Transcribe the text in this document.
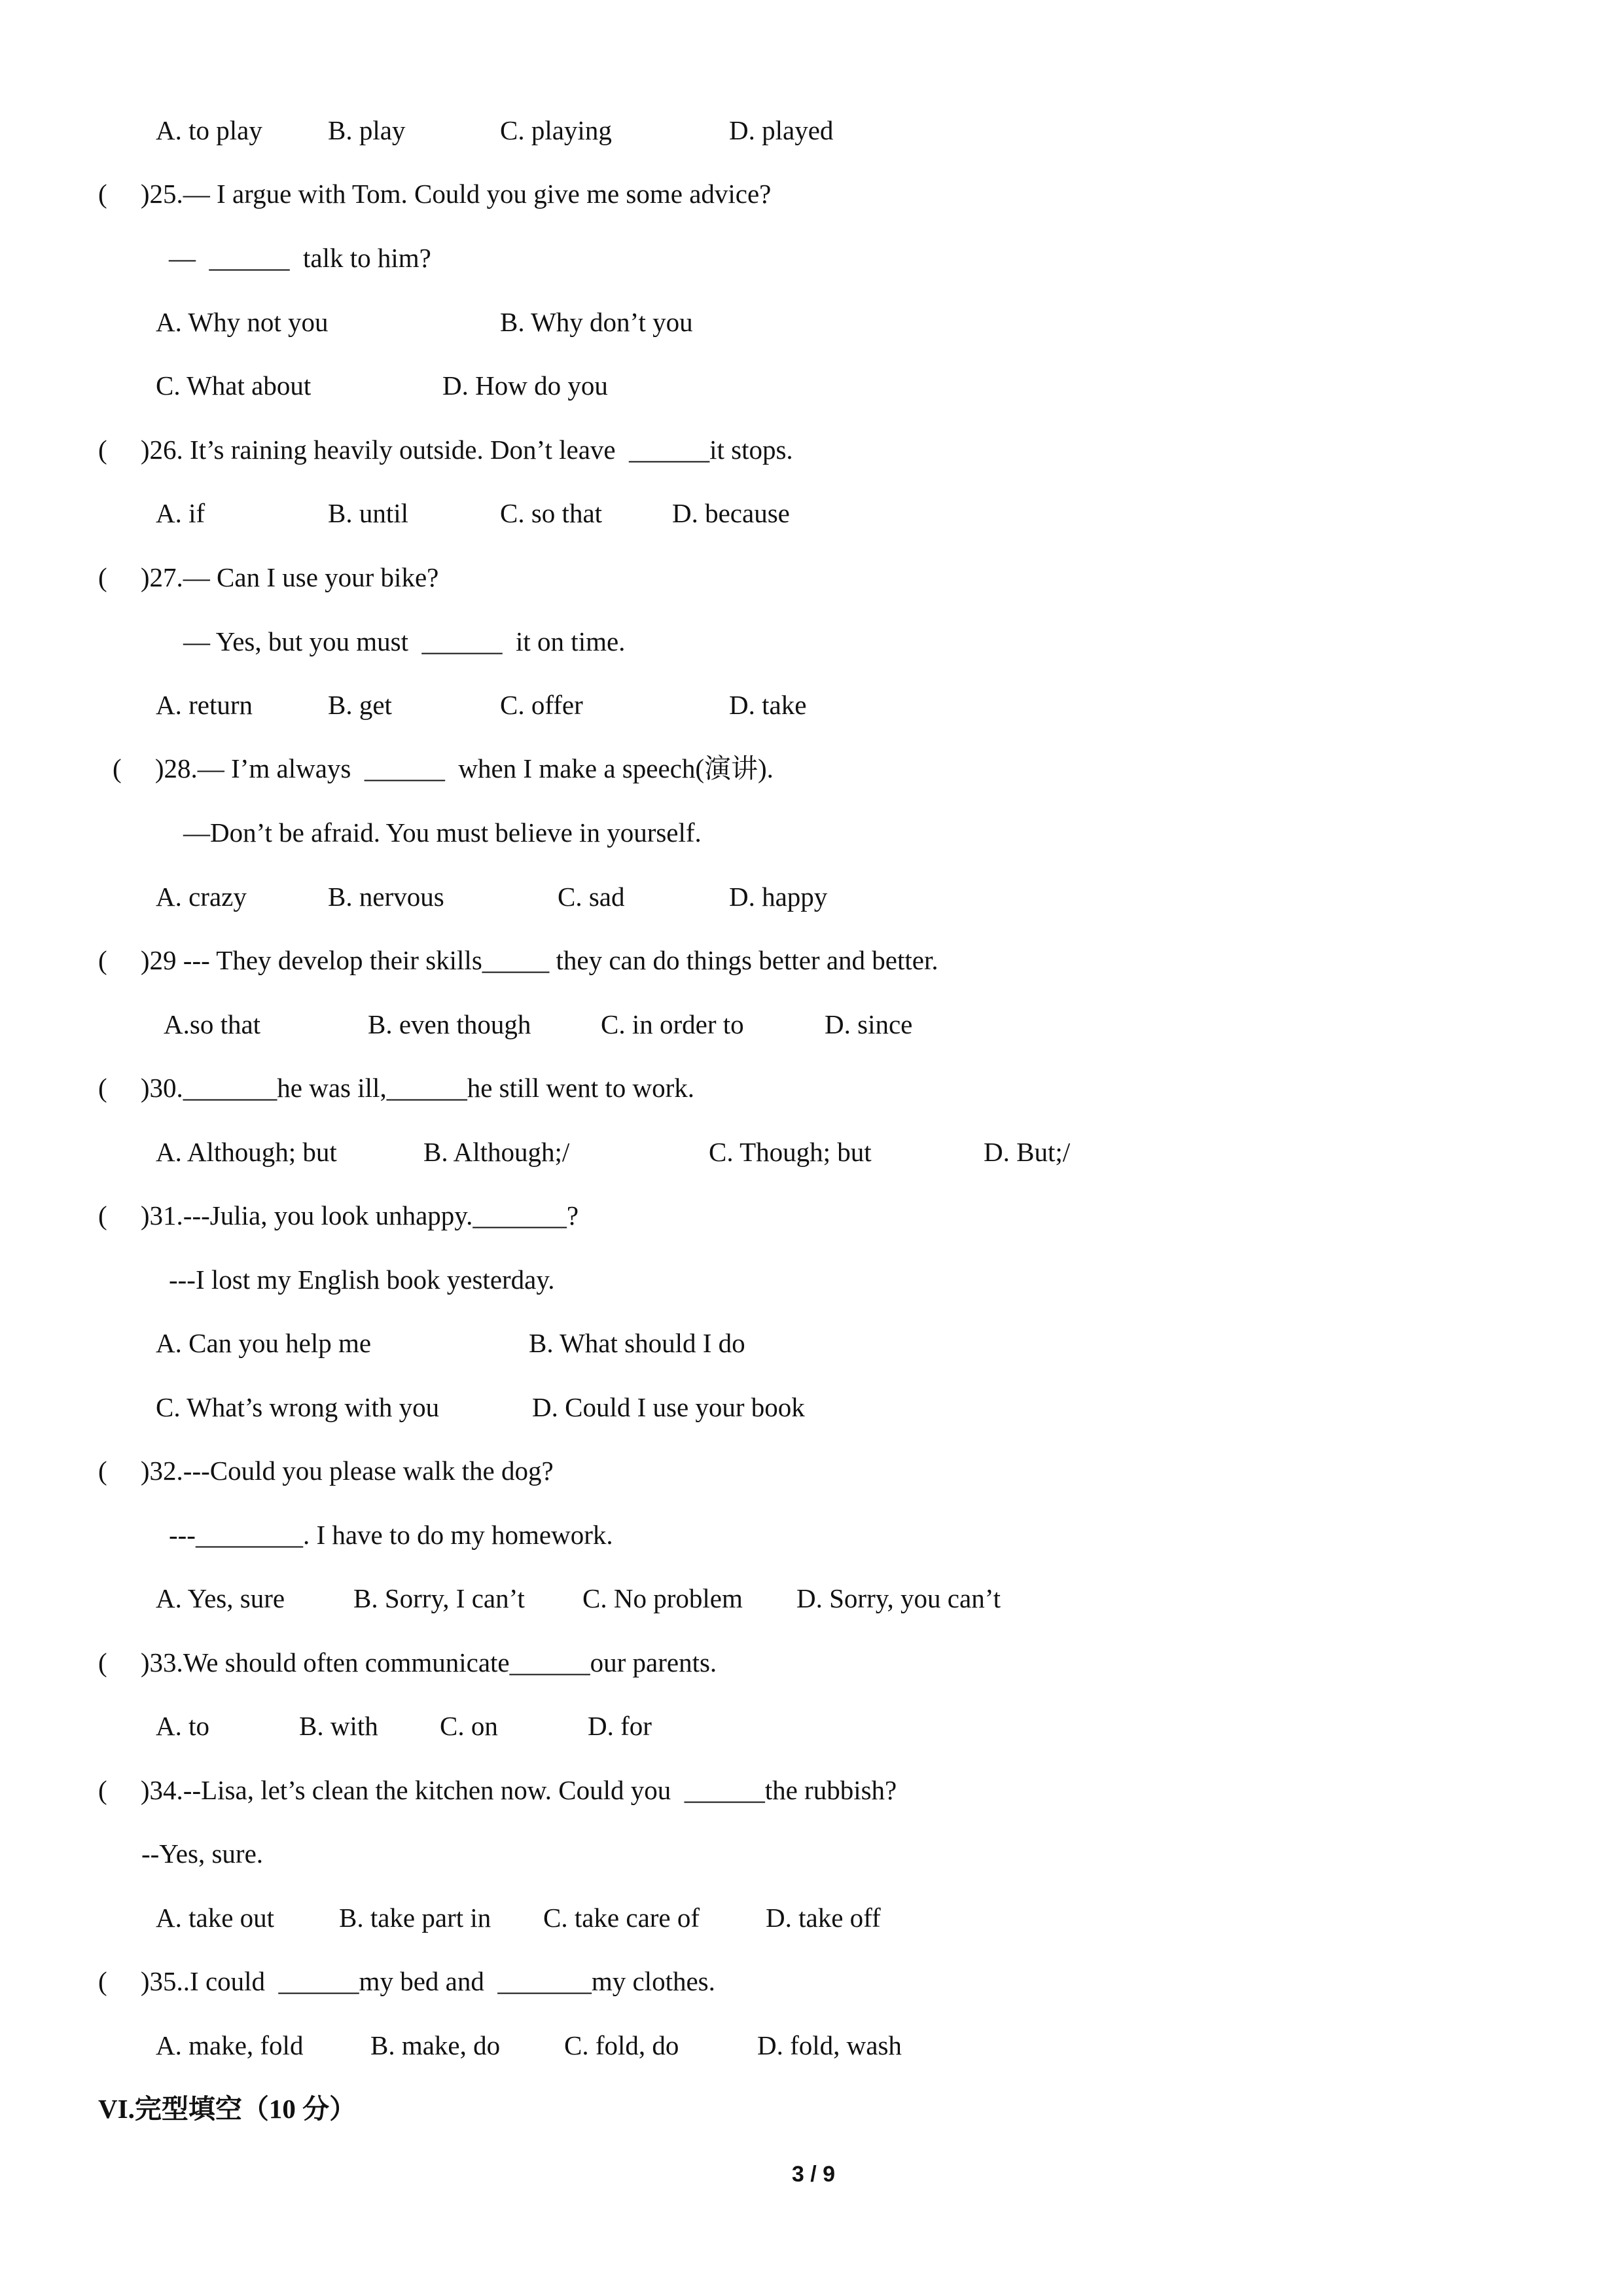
A. to play B. play	C. playing	D. played
(     )25.— I argue with Tom. Could you give me some advice?
—  ______  talk to him?
A. Why not you	B. Why don’t you
C. What about	D. How do you
(     )26. It’s raining heavily outside. Don’t leave  ______it stops.
A. if	B. until	C. so that	D. because
(     )27.— Can I use your bike?
— Yes, but you must  ______  it on time.
A. return	B. get	C. offer	D. take
(     )28.— I’m always  ______  when I make a speech(演讲).
—Don’t be afraid. You must believe in yourself.
A. crazy	B. nervous	C. sad	D. happy
(     )29 --- They develop their skills_____ they can do things better and better.
A.so that	B. even though	C. in order to	D. since
(     )30._______he was ill,______he still went to work.
A. Although; but	B. Although;/	C. Though; but	D. But;/
(     )31.---Julia, you look unhappy._______?
---I lost my English book yesterday.
A. Can you help me	B. What should I do
C. What’s wrong with you	D. Could I use your book
(     )32.---Could you please walk the dog?
---________. I have to do my homework.
A. Yes, sure	B. Sorry, I can’t C. No problem D. Sorry, you can’t
(     )33.We should often communicate______our parents.
A. to	B. with C. on	D. for
(     )34.--Lisa, let’s clean the kitchen now. Could you  ______the rubbish?
--Yes, sure.
A. take out B. take part in C. take care of D. take off
(     )35..I could  ______my bed and  _______my clothes.
A. make, fold	B. make, do C. fold, do	D. fold, wash
VI.完型填空（10 分）
3 / 9
